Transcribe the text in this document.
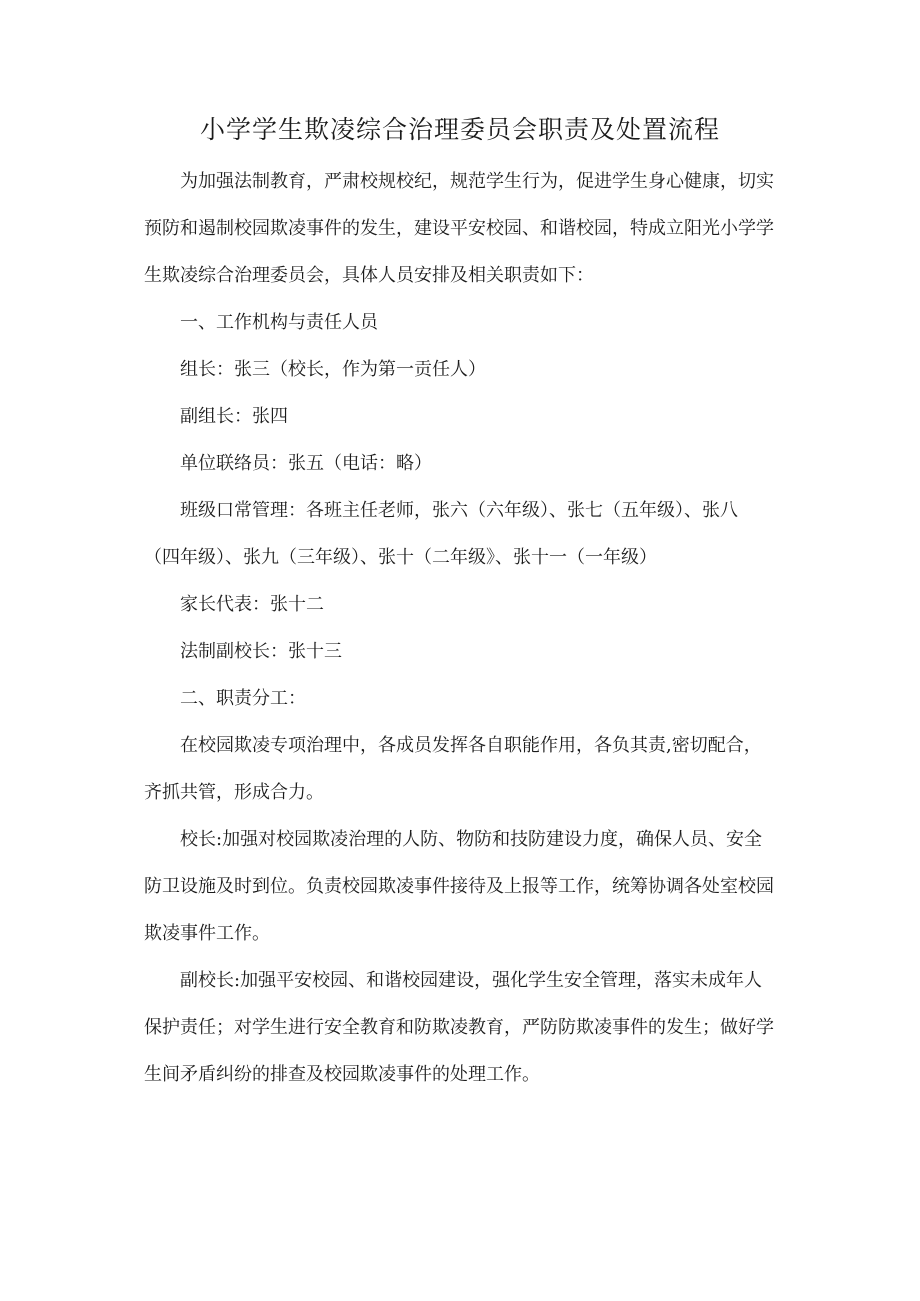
小学学生欺凌综合治理委员会职责及处置流程
为加强法制教育，严肃校规校纪，规范学生行为，促进学生身心健康，切实
预防和遏制校园欺凌事件的发生，建设平安校园、和谐校园，特成立阳光小学学
生欺凌综合治理委员会，具体人员安排及相关职责如下：
一、工作机构与责任人员
组长：张三（校长，作为第一贡任人）
副组长：张四
单位联络员：张五（电话：略）
班级口常管理：各班主任老师，张六（六年级）、张七（五年级）、张八
（四年级）、张九（三年级）、张十（二年级》、张十一（一年级）
家长代表：张十二
法制副校长：张十三
二、职责分工：
在校园欺凌专项治理中，各成员发挥各自职能作用，各负其责,密切配合，
齐抓共管，形成合力。
校长:加强对校园欺凌治理的人防、物防和技防建设力度，确保人员、安全
防卫设施及时到位。负责校园欺凌事件接待及上报等工作，统筹协调各处室校园
欺凌事件工作。
副校长:加强平安校园、和谐校园建设，强化学生安全管理，落实未成年人
保护责任；对学生进行安全教育和防欺凌教育，严防防欺凌事件的发生；做好学
生间矛盾纠纷的排查及校园欺凌事件的处理工作。
